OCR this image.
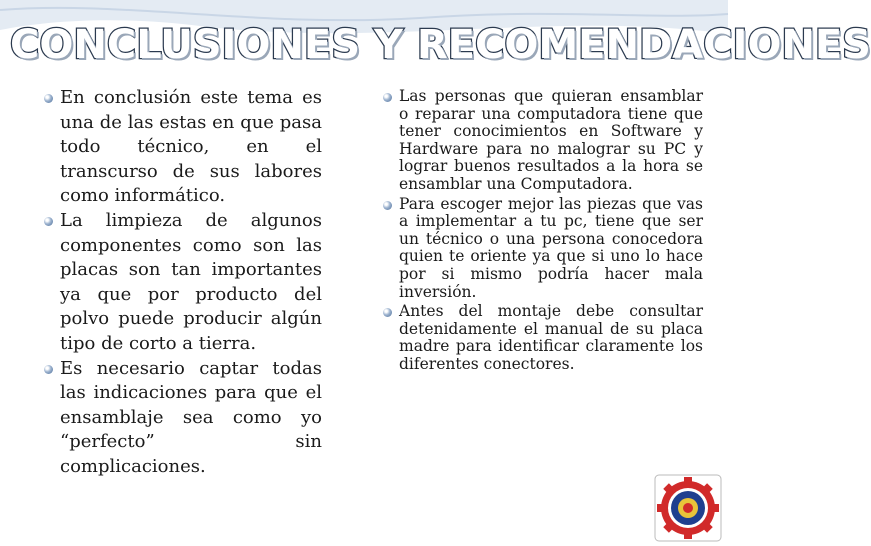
CONCLUSIONES Y RECOMENDACIONES
En conclusión este tema es una de las estas en que pasa todo técnico, en el transcurso de sus labores como informático.
La limpieza de algunos componentes como son las placas son tan importantes ya que por producto del polvo puede producir algún tipo de corto a tierra.
Es necesario captar todas las indicaciones para que el ensamblaje sea como yo “perfecto” sin complicaciones.
Las personas que quieran ensamblar o reparar una computadora tiene que tener conocimientos en Software y Hardware para no malograr su PC y lograr buenos resultados a la hora se ensamblar una Computadora.
Para escoger mejor las piezas que vas a implementar a tu pc, tiene que ser un técnico o una persona conocedora quien te oriente ya que si uno lo hace por si mismo podría hacer mala inversión.
Antes del montaje debe consultar detenidamente el manual de su placa madre para identificar claramente los diferentes conectores.
